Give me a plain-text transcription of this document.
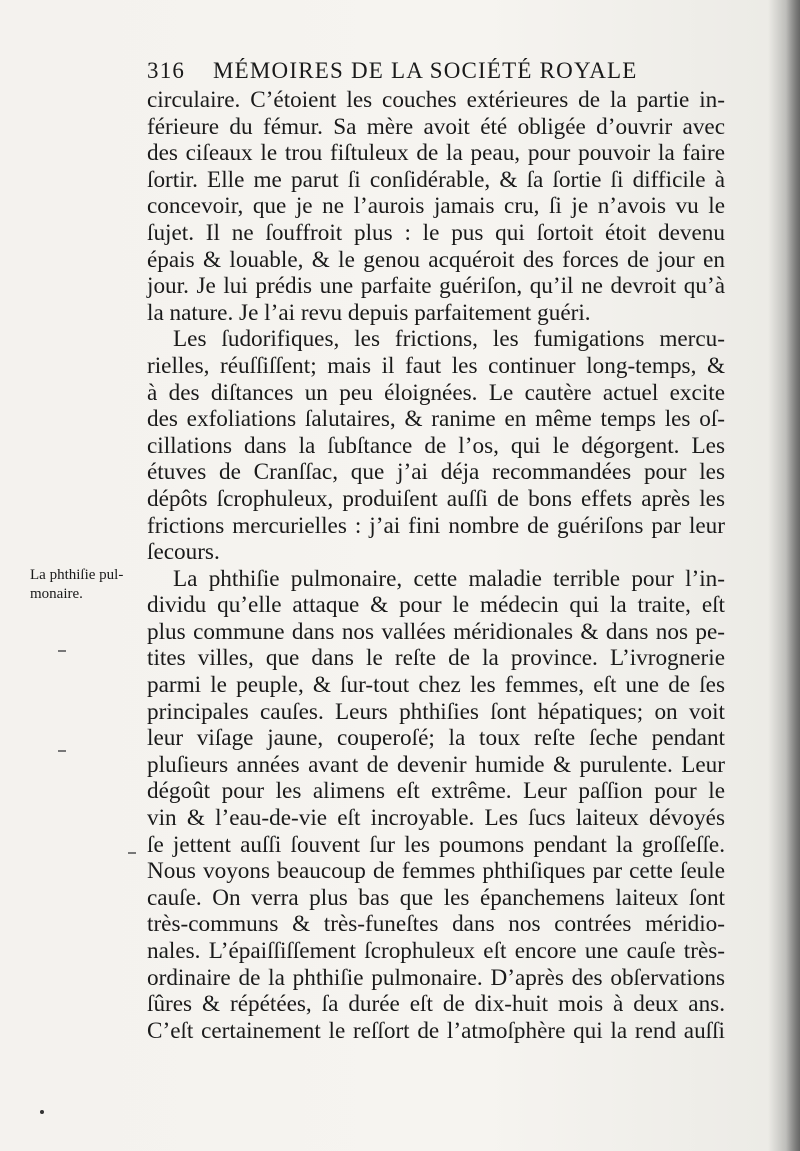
316 MÉMOIRES DE LA SOCIÉTÉ ROYALE
La phthiſie pul-
monaire.
circulaire. C’étoient les couches extérieures de la partie in-
férieure du fémur. Sa mère avoit été obligée d’ouvrir avec
des ciſeaux le trou fiſtuleux de la peau, pour pouvoir la faire
ſortir. Elle me parut ſi conſidérable, & ſa ſortie ſi difficile à
concevoir, que je ne l’aurois jamais cru, ſi je n’avois vu le
ſujet. Il ne ſouffroit plus : le pus qui ſortoit étoit devenu
épais & louable, & le genou acquéroit des forces de jour en
jour. Je lui prédis une parfaite guériſon, qu’il ne devroit qu’à
la nature. Je l’ai revu depuis parfaitement guéri.
Les ſudorifiques, les frictions, les fumigations mercu-
rielles, réuſſiſſent; mais il faut les continuer long-temps, &
à des diſtances un peu éloignées. Le cautère actuel excite
des exfoliations ſalutaires, & ranime en même temps les oſ-
cillations dans la ſubſtance de l’os, qui le dégorgent. Les
étuves de Cranſſac, que j’ai déja recommandées pour les
dépôts ſcrophuleux, produiſent auſſi de bons effets après les
frictions mercurielles : j’ai fini nombre de guériſons par leur
ſecours.
La phthiſie pulmonaire, cette maladie terrible pour l’in-
dividu qu’elle attaque & pour le médecin qui la traite, eſt
plus commune dans nos vallées méridionales & dans nos pe-
tites villes, que dans le reſte de la province. L’ivrognerie
parmi le peuple, & ſur-tout chez les femmes, eſt une de ſes
principales cauſes. Leurs phthiſies ſont hépatiques; on voit
leur viſage jaune, couperoſé; la toux reſte ſeche pendant
pluſieurs années avant de devenir humide & purulente. Leur
dégoût pour les alimens eſt extrême. Leur paſſion pour le
vin & l’eau-de-vie eſt incroyable. Les ſucs laiteux dévoyés
ſe jettent auſſi ſouvent ſur les poumons pendant la groſſeſſe.
Nous voyons beaucoup de femmes phthiſiques par cette ſeule
cauſe. On verra plus bas que les épanchemens laiteux ſont
très-communs & très-funeſtes dans nos contrées méridio-
nales. L’épaiſſiſſement ſcrophuleux eſt encore une cauſe très-
ordinaire de la phthiſie pulmonaire. D’après des obſervations
ſûres & répétées, ſa durée eſt de dix-huit mois à deux ans.
C’eſt certainement le reſſort de l’atmoſphère qui la rend auſſi
